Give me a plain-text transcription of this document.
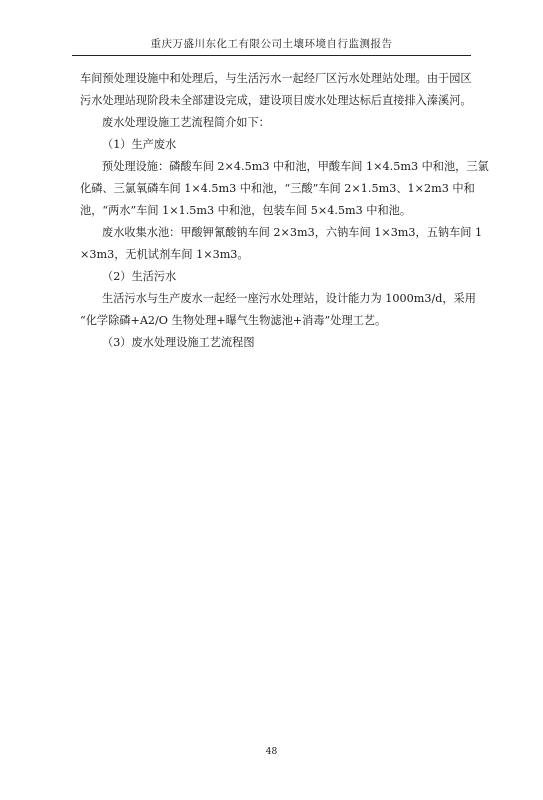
重庆万盛川东化工有限公司土壤环境自行监测报告

车间预处理设施中和处理后，与生活污水一起经厂区污水处理站处理。由于园区

污水处理站现阶段未全部建设完成，建设项目废水处理达标后直接排入溱溪河。

废水处理设施工艺流程简介如下：

（1）生产废水

预处理设施：磷酸车间 2×4.5m3 中和池，甲酸车间 1×4.5m3 中和池，三氯

化磷、三氯氧磷车间 1×4.5m3 中和池，“三酸”车间 2×1.5m3、1×2m3 中和

池，“两水”车间 1×1.5m3 中和池，包装车间 5×4.5m3 中和池。

废水收集水池：甲酸钾氰酸钠车间 2×3m3，六钠车间 1×3m3，五钠车间 1

×3m3，无机试剂车间 1×3m3。

（2）生活污水

生活污水与生产废水一起经一座污水处理站，设计能力为 1000m3/d，采用

“化学除磷+A2/O 生物处理+曝气生物滤池+消毒”处理工艺。

（3）废水处理设施工艺流程图

48
